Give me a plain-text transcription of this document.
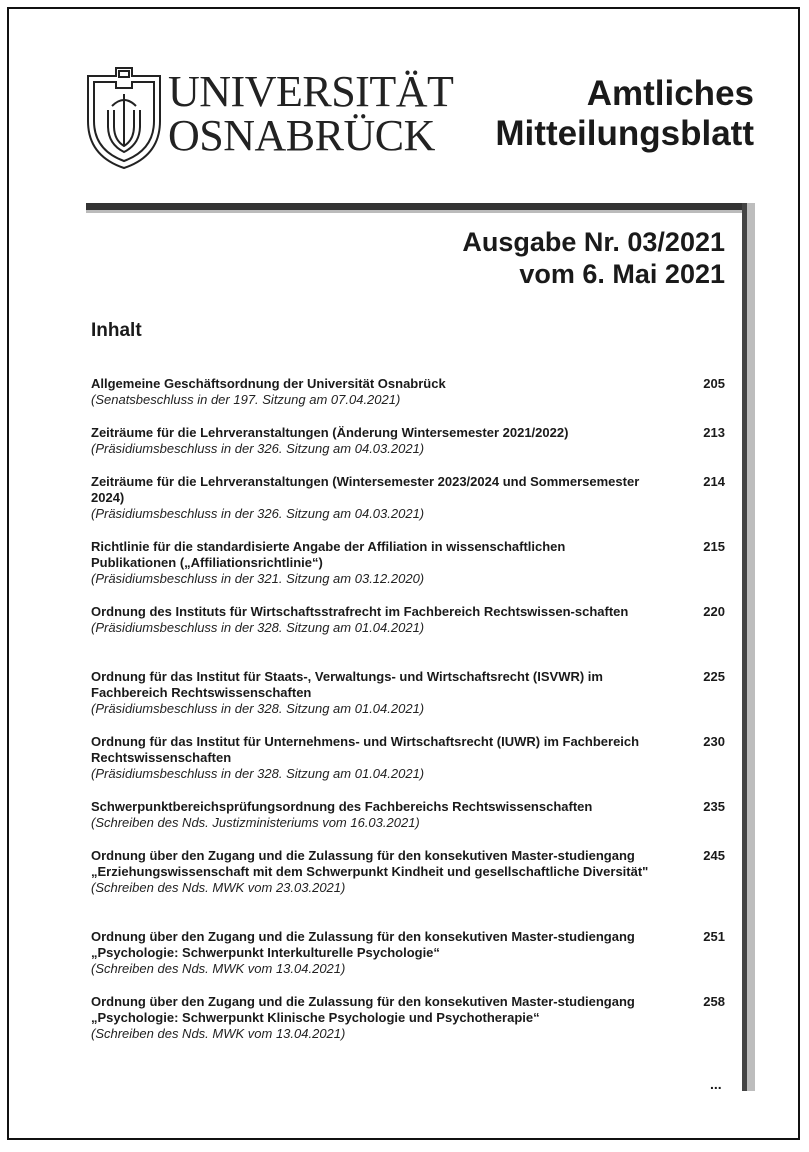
UNIVERSITÄT
OSNABRÜCK
Amtliches
Mitteilungsblatt
Ausgabe Nr. 03/2021
vom 6. Mai 2021
Inhalt
Allgemeine Geschäftsordnung der Universität Osnabrück
(Senatsbeschluss in der 197. Sitzung am 07.04.2021)
205
Zeiträume für die Lehrveranstaltungen (Änderung Wintersemester 2021/2022)
(Präsidiumsbeschluss in der 326. Sitzung am 04.03.2021)
213
Zeiträume für die Lehrveranstaltungen (Wintersemester 2023/2024 und Sommersemester 2024)
(Präsidiumsbeschluss in der 326. Sitzung am 04.03.2021)
214
Richtlinie für die standardisierte Angabe der Affiliation in wissenschaftlichen Publikationen („Affiliationsrichtlinie“)
(Präsidiumsbeschluss in der 321. Sitzung am 03.12.2020)
215
Ordnung des Instituts für Wirtschaftsstrafrecht im Fachbereich Rechtswissen-schaften
(Präsidiumsbeschluss in der 328. Sitzung am 01.04.2021)
220
Ordnung für das Institut für Staats-, Verwaltungs- und Wirtschaftsrecht (ISVWR) im Fachbereich Rechtswissenschaften
(Präsidiumsbeschluss in der 328. Sitzung am 01.04.2021)
225
Ordnung für das Institut für Unternehmens- und Wirtschaftsrecht (IUWR) im Fachbereich Rechtswissenschaften
(Präsidiumsbeschluss in der 328. Sitzung am 01.04.2021)
230
Schwerpunktbereichsprüfungsordnung des Fachbereichs Rechtswissenschaften
(Schreiben des Nds. Justizministeriums vom 16.03.2021)
235
Ordnung über den Zugang und die Zulassung für den konsekutiven Master-studiengang „Erziehungswissenschaft mit dem Schwerpunkt Kindheit und gesellschaftliche Diversität"
(Schreiben des Nds. MWK vom 23.03.2021)
245
Ordnung über den Zugang und die Zulassung für den konsekutiven Master-studiengang „Psychologie: Schwerpunkt Interkulturelle Psychologie“
(Schreiben des Nds. MWK vom 13.04.2021)
251
Ordnung über den Zugang und die Zulassung für den konsekutiven Master-studiengang „Psychologie: Schwerpunkt Klinische Psychologie und Psychotherapie“
(Schreiben des Nds. MWK vom 13.04.2021)
258
...
